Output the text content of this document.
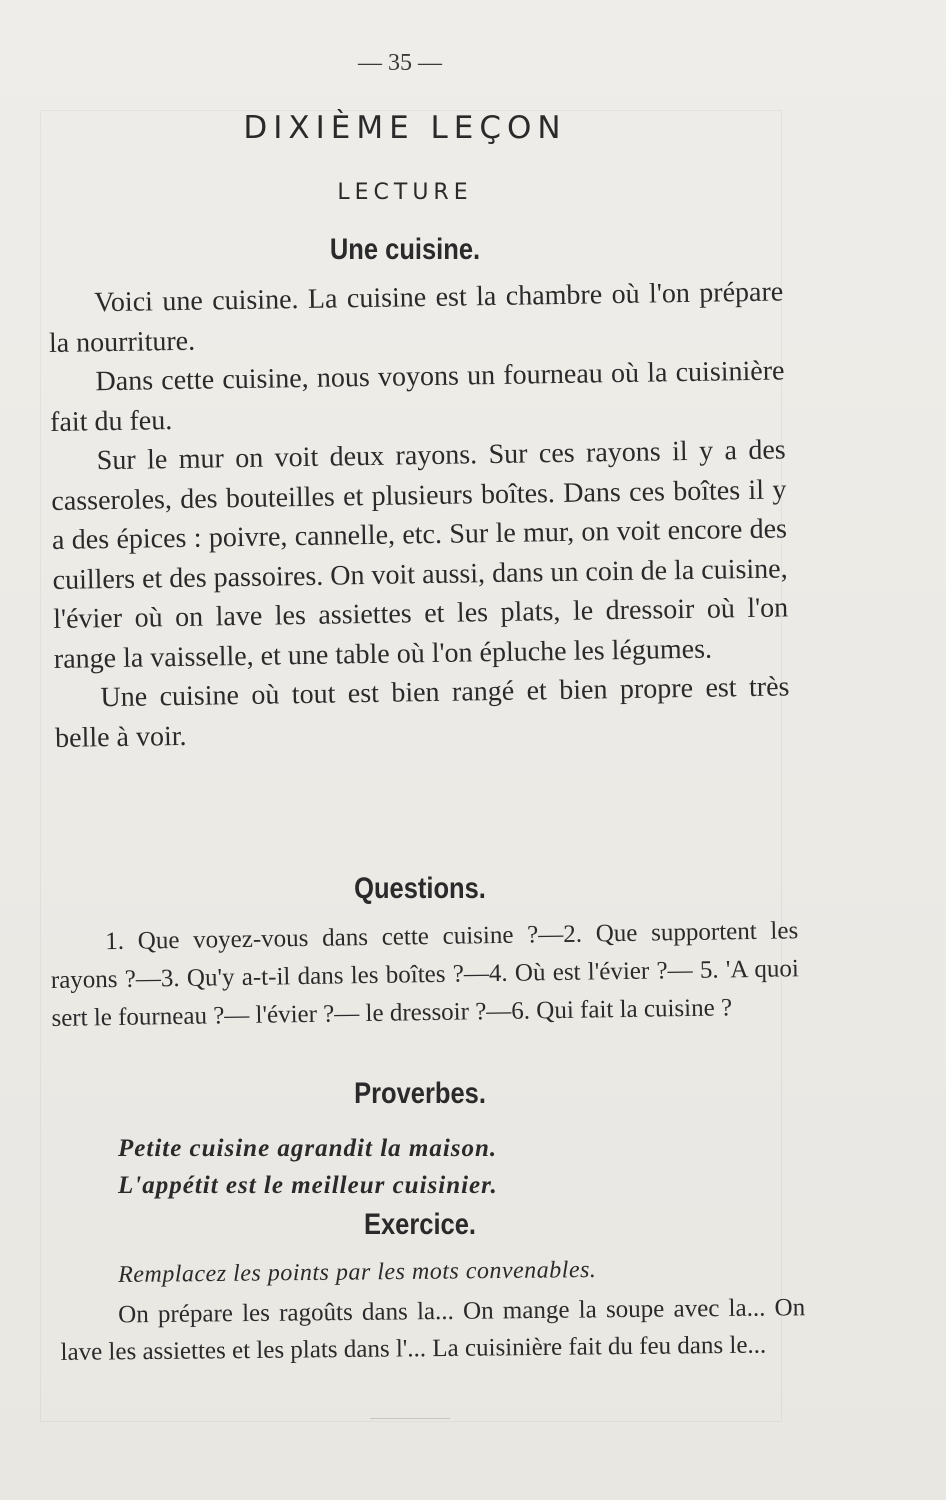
— 35 —
DIXIÈME LEÇON
LECTURE
Une cuisine.

Voici une cuisine. La cuisine est la chambre où l'on prépare la nourriture.

Dans cette cuisine, nous voyons un fourneau où la cuisinière fait du feu.

Sur le mur on voit deux rayons. Sur ces rayons il y a des casseroles, des bouteilles et plusieurs boîtes. Dans ces boîtes il y a des épices : poivre, cannelle, etc. Sur le mur, on voit encore des cuillers et des passoires. On voit aussi, dans un coin de la cuisine, l'évier où on lave les assiettes et les plats, le dressoir où l'on range la vaisselle, et une table où l'on épluche les légumes.

Une cuisine où tout est bien rangé et bien propre est très belle à voir.

Questions.
1. Que voyez-vous dans cette cuisine ?—2. Que supportent les rayons ?—3. Qu'y a-t-il dans les boîtes ?—4. Où est l'évier ?— 5. 'A quoi sert le fourneau ?— l'évier ?— le dressoir ?—6. Qui fait la cuisine ?
Proverbes.
Petite cuisine agrandit la maison.
L'appétit est le meilleur cuisinier.
Exercice.
Remplacez les points par les mots convenables.
On prépare les ragoûts dans la... On mange la soupe avec la... On lave les assiettes et les plats dans l'... La cuisinière fait du feu dans le...
